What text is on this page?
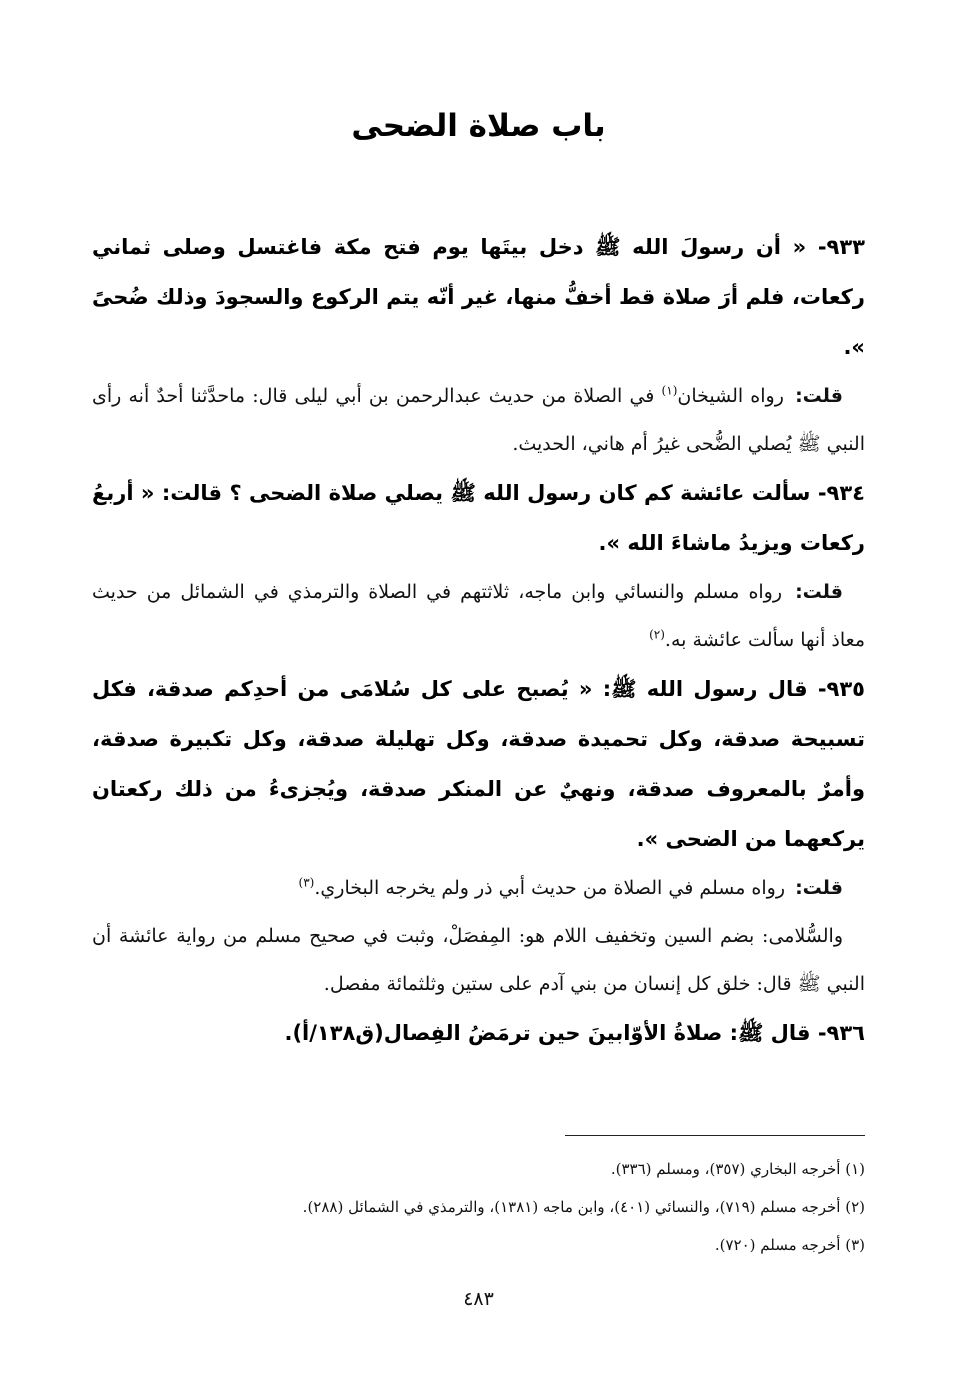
باب صلاة الضحى

٩٣٣- « أن رسولَ الله ﷺ دخل بيتَها يوم فتح مكة فاغتسل وصلى ثماني ركعات، فلم أرَ صلاة قط أخفُّ منها، غير أنّه يتم الركوع والسجودَ وذلك ضُحىً ».

قلت: رواه الشيخان$^{(١)}$ في الصلاة من حديث عبدالرحمن بن أبي ليلى قال: ماحدَّثنا أحدٌ أنه رأى النبي ﷺ يُصلي الضُّحى غيرُ أم هاني، الحديث.

٩٣٤- سألت عائشة كم كان رسول الله ﷺ يصلي صلاة الضحى ؟ قالت: « أربعُ ركعات ويزيدُ ماشاءَ الله ».

قلت: رواه مسلم والنسائي وابن ماجه، ثلاثتهم في الصلاة والترمذي في الشمائل من حديث معاذ أنها سألت عائشة به.$^{(٢)}$

٩٣٥- قال رسول الله ﷺ: « يُصبح على كل سُلامَى من أحدِكم صدقة، فكل تسبيحة صدقة، وكل تحميدة صدقة، وكل تهليلة صدقة، وكل تكبيرة صدقة، وأمرٌ بالمعروف صدقة، ونهيٌ عن المنكر صدقة، ويُجزىءُ من ذلك ركعتان يركعهما من الضحى ».

قلت: رواه مسلم في الصلاة من حديث أبي ذر ولم يخرجه البخاري.$^{(٣)}$

والسُّلامى: بضم السين وتخفيف اللام هو: المِفصَلْ، وثبت في صحيح مسلم من رواية عائشة أن النبي ﷺ قال: خلق كل إنسان من بني آدم على ستين وثلثمائة مفصل.

٩٣٦- قال ﷺ: صلاةُ الأوّابينَ حين ترمَضُ الفِصال(ق١٣٨/أ).

(١) أخرجه البخاري (٣٥٧)، ومسلم (٣٣٦).

(٢) أخرجه مسلم (٧١٩)، والنسائي (٤٠١)، وابن ماجه (١٣٨١)، والترمذي في الشمائل (٢٨٨).

(٣) أخرجه مسلم (٧٢٠).

٤٨٣
